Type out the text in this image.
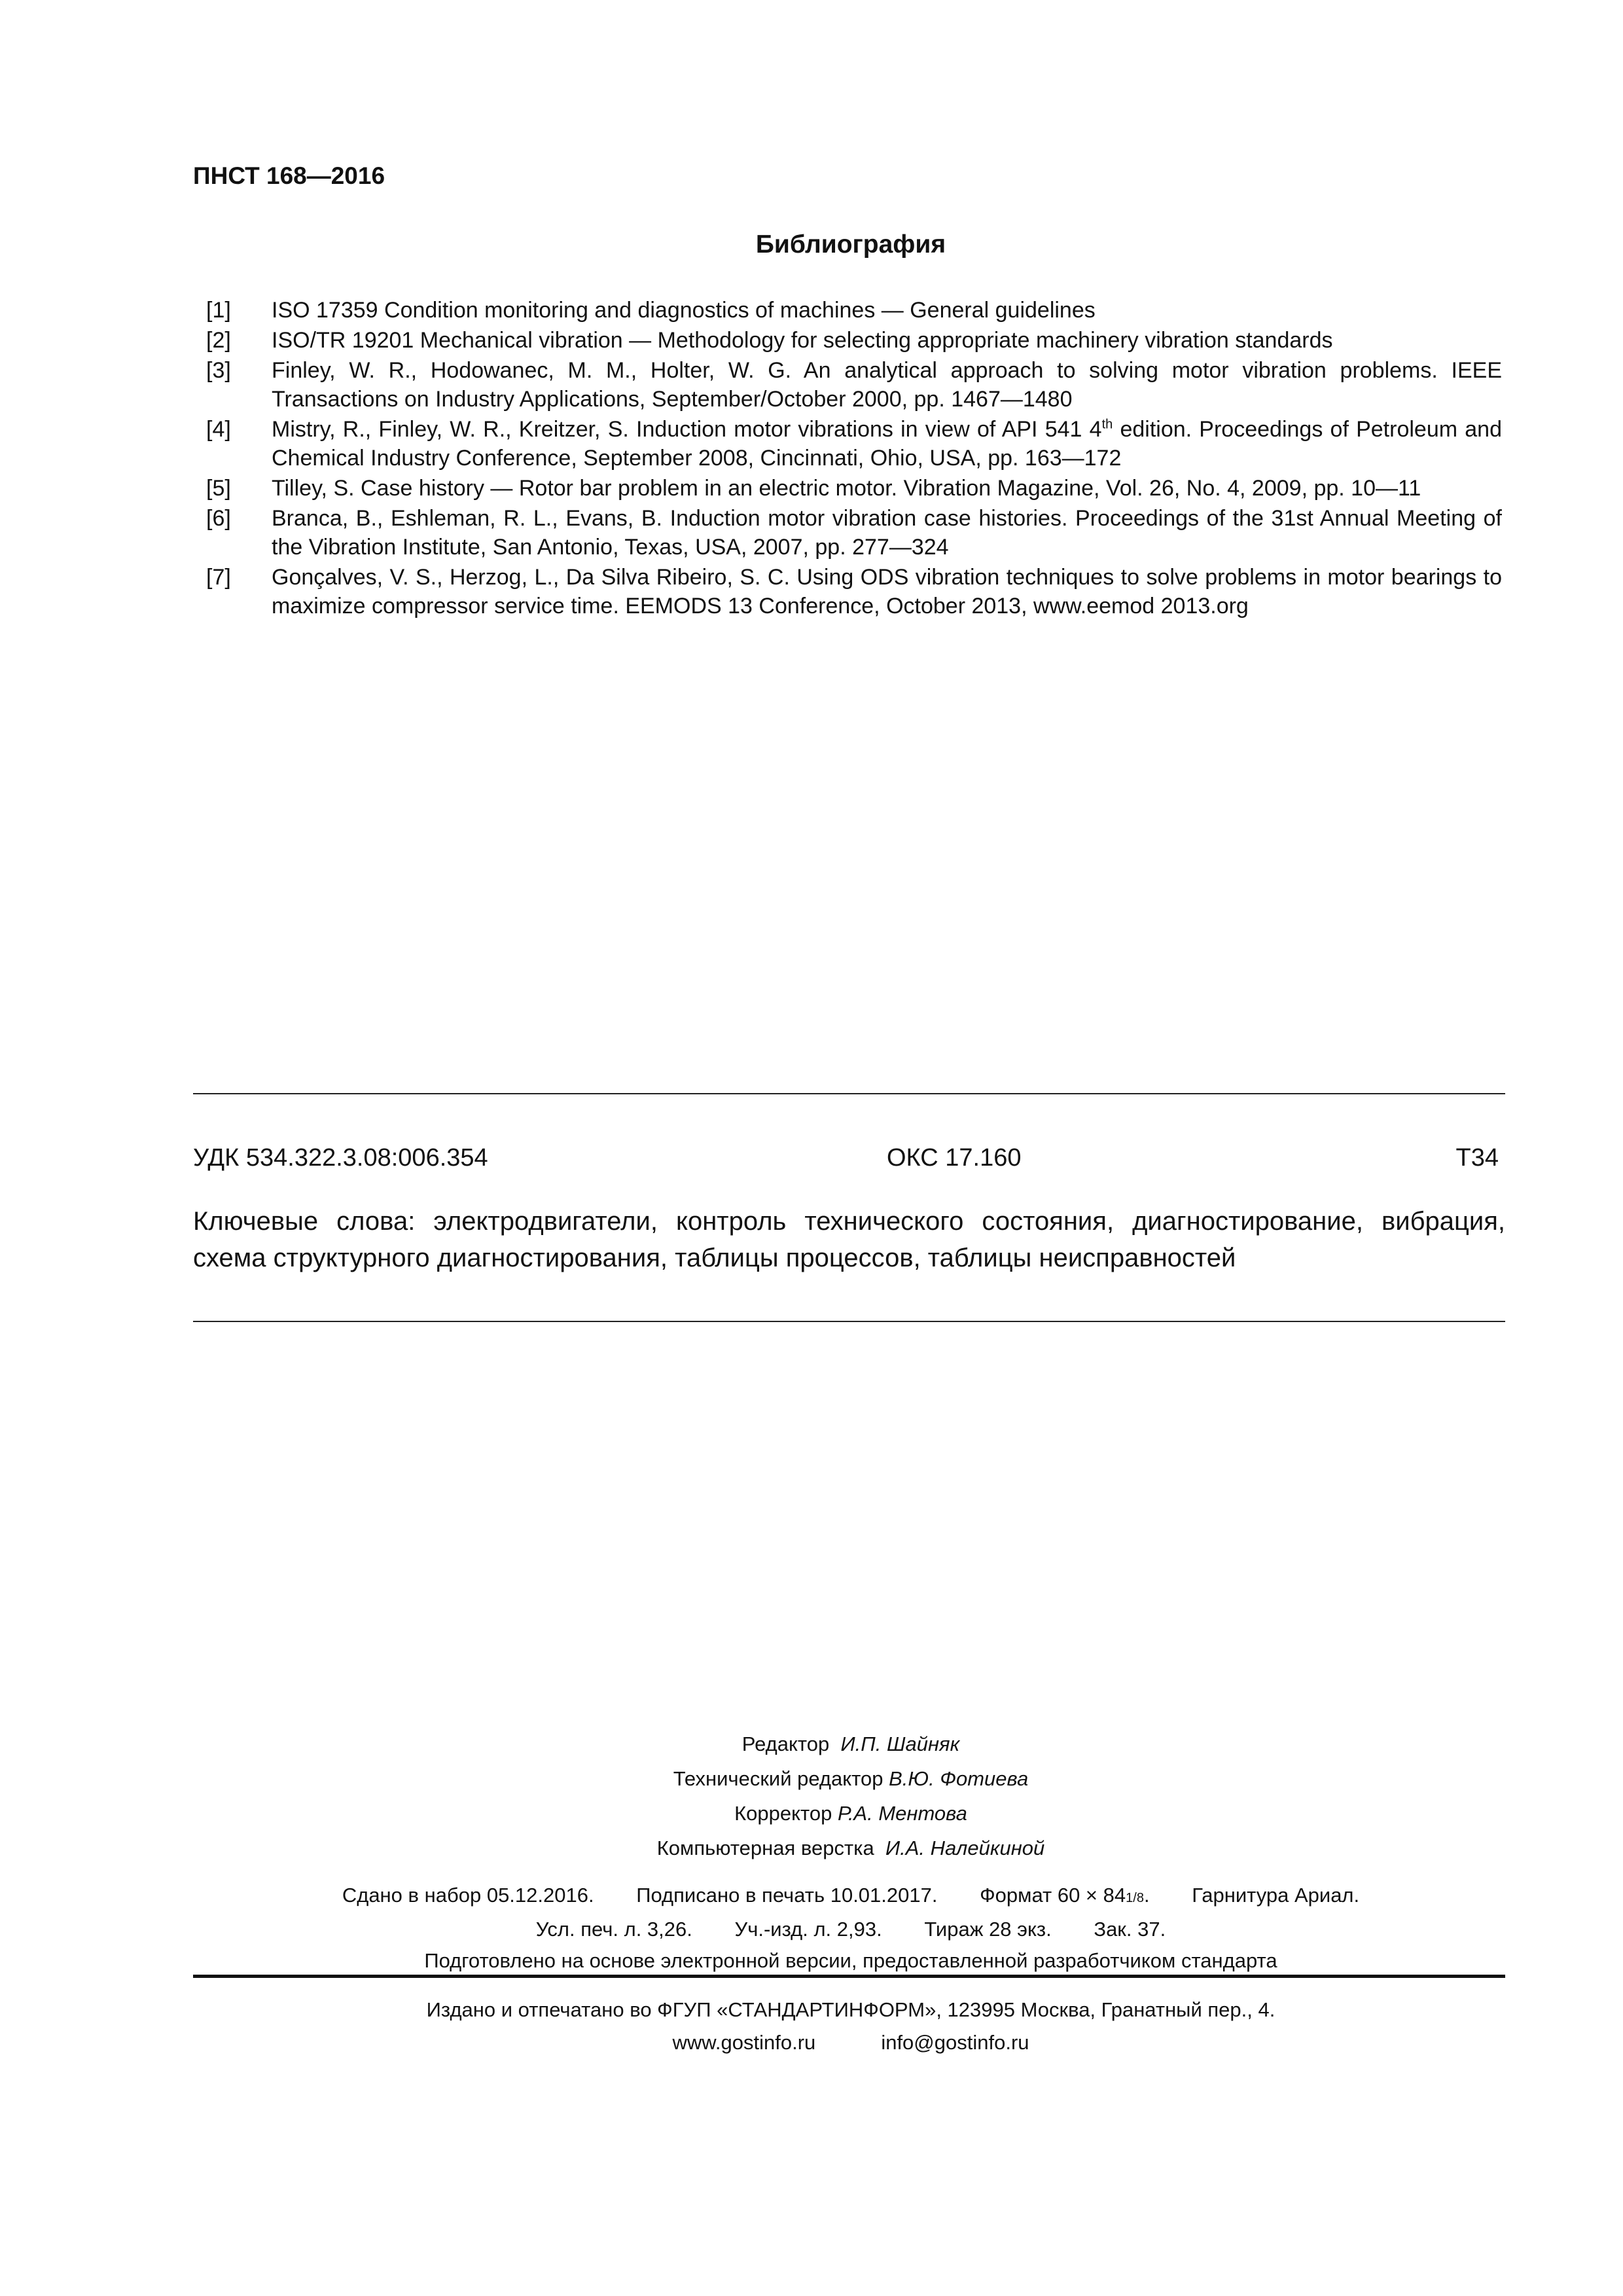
ПНСТ 168—2016
Библиография
[1] ISO 17359 Condition monitoring and diagnostics of machines — General guidelines
[2] ISO/TR 19201 Mechanical vibration — Methodology for selecting appropriate machinery vibration standards
[3] Finley, W. R., Hodowanec, M. M., Holter, W. G. An analytical approach to solving motor vibration problems. IEEE Transactions on Industry Applications, September/October 2000, pp. 1467—1480
[4] Mistry, R., Finley, W. R., Kreitzer, S. Induction motor vibrations in view of API 541 4th edition. Proceedings of Petroleum and Chemical Industry Conference, September 2008, Cincinnati, Ohio, USA, pp. 163—172
[5] Tilley, S. Case history — Rotor bar problem in an electric motor. Vibration Magazine, Vol. 26, No. 4, 2009, pp. 10—11
[6] Branca, B., Eshleman, R. L., Evans, B. Induction motor vibration case histories. Proceedings of the 31st Annual Meeting of the Vibration Institute, San Antonio, Texas, USA, 2007, pp. 277—324
[7] Gonçalves, V. S., Herzog, L., Da Silva Ribeiro, S. C. Using ODS vibration techniques to solve problems in motor bearings to maximize compressor service time. EEMODS 13 Conference, October 2013, www.eemod 2013.org
УДК 534.322.3.08:006.354	ОКС 17.160	Т34
Ключевые слова: электродвигатели, контроль технического состояния, диагностирование, вибрация, схема структурного диагностирования, таблицы процессов, таблицы неисправностей
Редактор И.П. Шайняк
Технический редактор В.Ю. Фотиева
Корректор Р.А. Ментова
Компьютерная верстка И.А. Налейкиной
Сдано в набор 05.12.2016. Подписано в печать 10.01.2017. Формат 60 × 841/8. Гарнитура Ариал.
Усл. печ. л. 3,26. Уч.-изд. л. 2,93. Тираж 28 экз. Зак. 37.
Подготовлено на основе электронной версии, предоставленной разработчиком стандарта
Издано и отпечатано во ФГУП «СТАНДАРТИНФОРМ», 123995 Москва, Гранатный пер., 4.
www.gostinfo.ru	info@gostinfo.ru
